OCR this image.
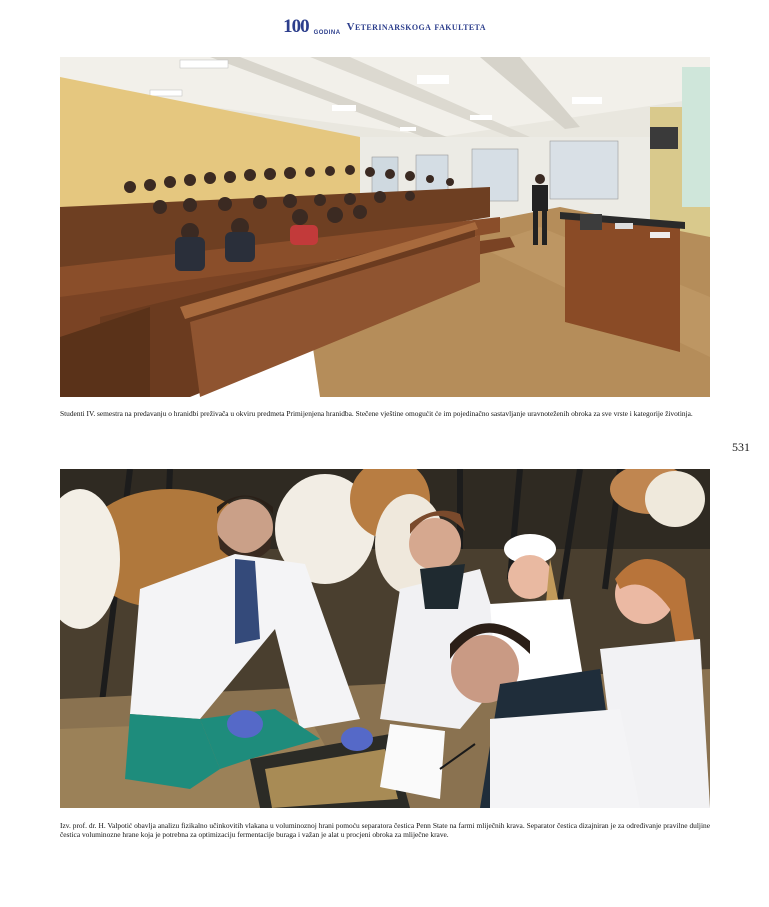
100 GODINA Veterinarskoga fakulteta
Studenti IV. semestra na predavanju o hranidbi preživača u okviru predmeta Primijenjena hranidba. Stečene vještine omogućit će im pojedinačno sastavljanje uravnoteženih obroka za sve vrste i kategorije životinja.
531
Izv. prof. dr. H. Valpotić obavlja analizu fizikalno učinkovitih vlakana u voluminoznoj hrani pomoću separatora čestica Penn State na farmi mliječnih krava. Separator čestica dizajniran je za određivanje pravilne duljine čestica voluminozne hrane koja je potrebna za optimizaciju fermentacije buraga i važan je alat u procjeni obroka za mliječne krave.
